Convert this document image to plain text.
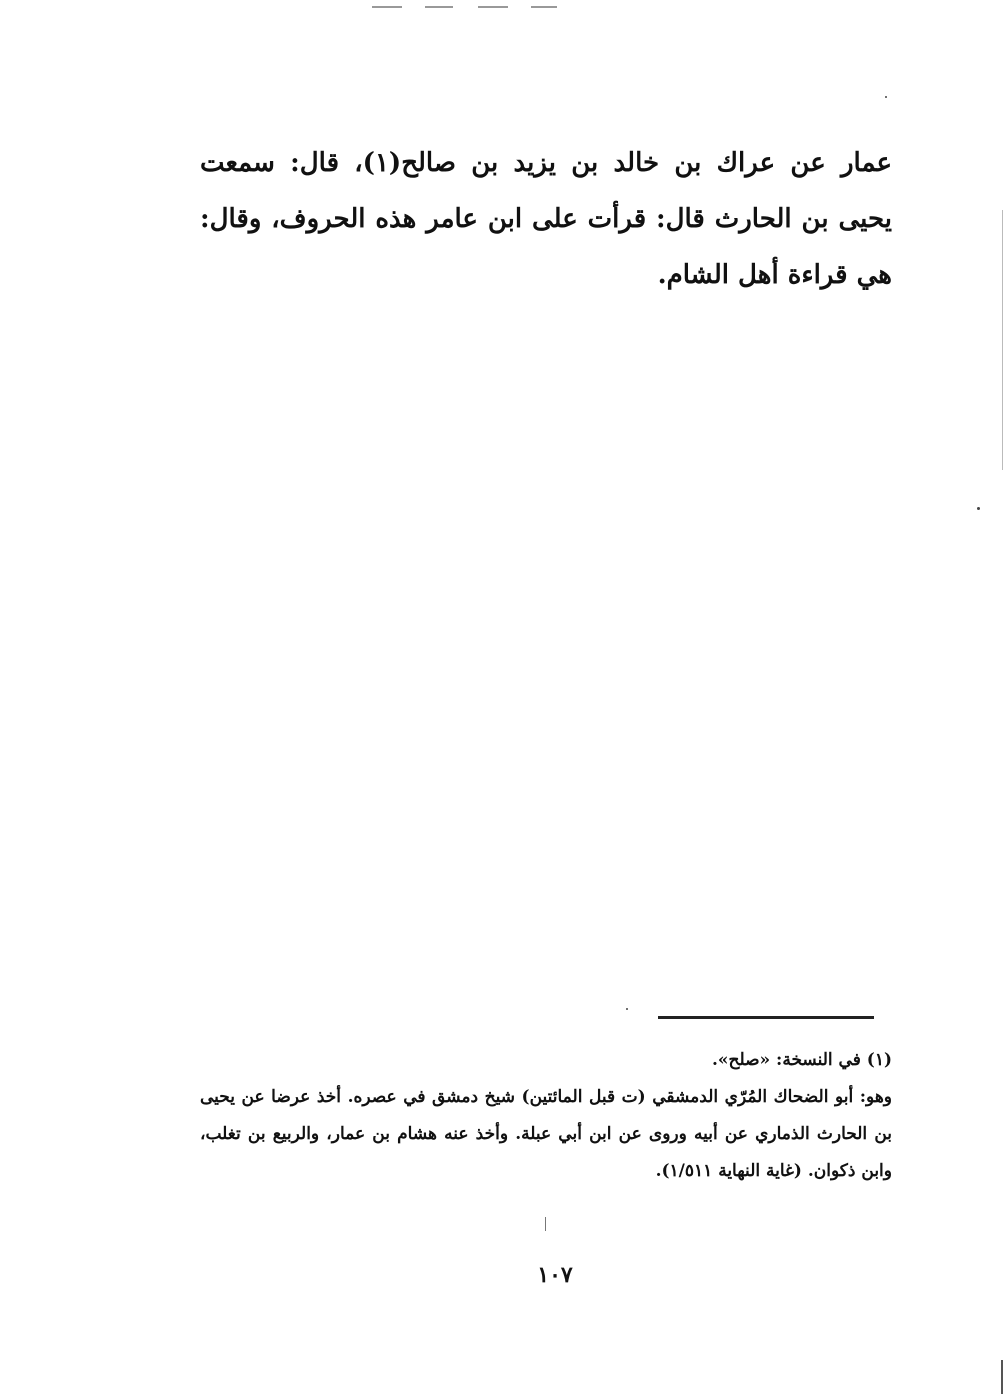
عمار عن عراك بن خالد بن يزيد بن صالح(١)، قال: سمعت يحيى بن الحارث قال: قرأت على ابن عامر هذه الحروف، وقال: هي قراءة أهل الشام.
(١) في النسخة: «صلح».
وهو: أبو الضحاك المُرّي الدمشقي (ت قبل المائتين) شيخ دمشق في عصره. أخذ عرضا عن يحيى بن الحارث الذماري عن أبيه وروى عن ابن أبي عبلة. وأخذ عنه هشام بن عمار، والربيع بن تغلب، وابن ذكوان. (غاية النهاية ١/٥١١).
١٠٧
